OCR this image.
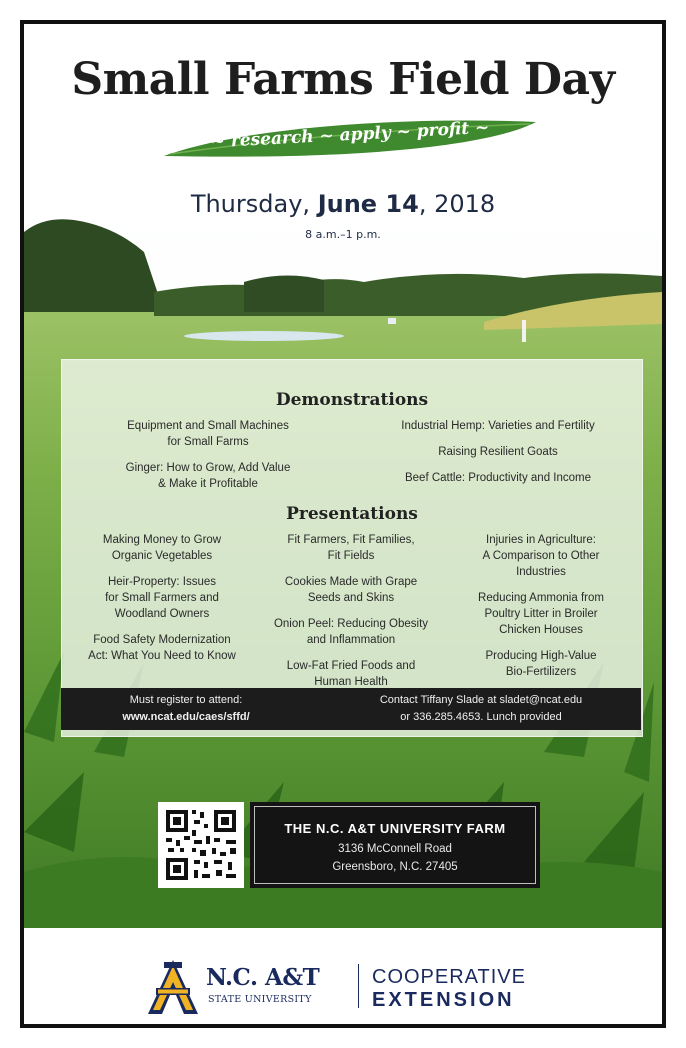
Small Farms Field Day
~ research ~ apply ~ profit ~
Thursday, June 14, 2018
8 a.m.–1 p.m.
Demonstrations
Equipment and Small Machines
for Small Farms
Ginger: How to Grow, Add Value
& Make it Profitable
Industrial Hemp: Varieties and Fertility
Raising Resilient Goats
Beef Cattle: Productivity and Income
Presentations
Making Money to Grow
Organic Vegetables
Heir-Property: Issues
for Small Farmers and
Woodland Owners
Food Safety Modernization
Act: What You Need to Know
Fit Farmers, Fit Families,
Fit Fields
Cookies Made with Grape
Seeds and Skins
Onion Peel: Reducing Obesity
and Inflammation
Low-Fat Fried Foods and
Human Health
Injuries in Agriculture:
A Comparison to Other
Industries
Reducing Ammonia from
Poultry Litter in Broiler
Chicken Houses
Producing High-Value
Bio-Fertilizers
Must register to attend:
www.ncat.edu/caes/sffd/
Contact Tiffany Slade at sladet@ncat.edu
or 336.285.4653. Lunch provided
THE N.C. A&T UNIVERSITY FARM
3136 McConnell Road
Greensboro, N.C. 27405
N.C. A&T
STATE UNIVERSITY
COOPERATIVE
EXTENSION
